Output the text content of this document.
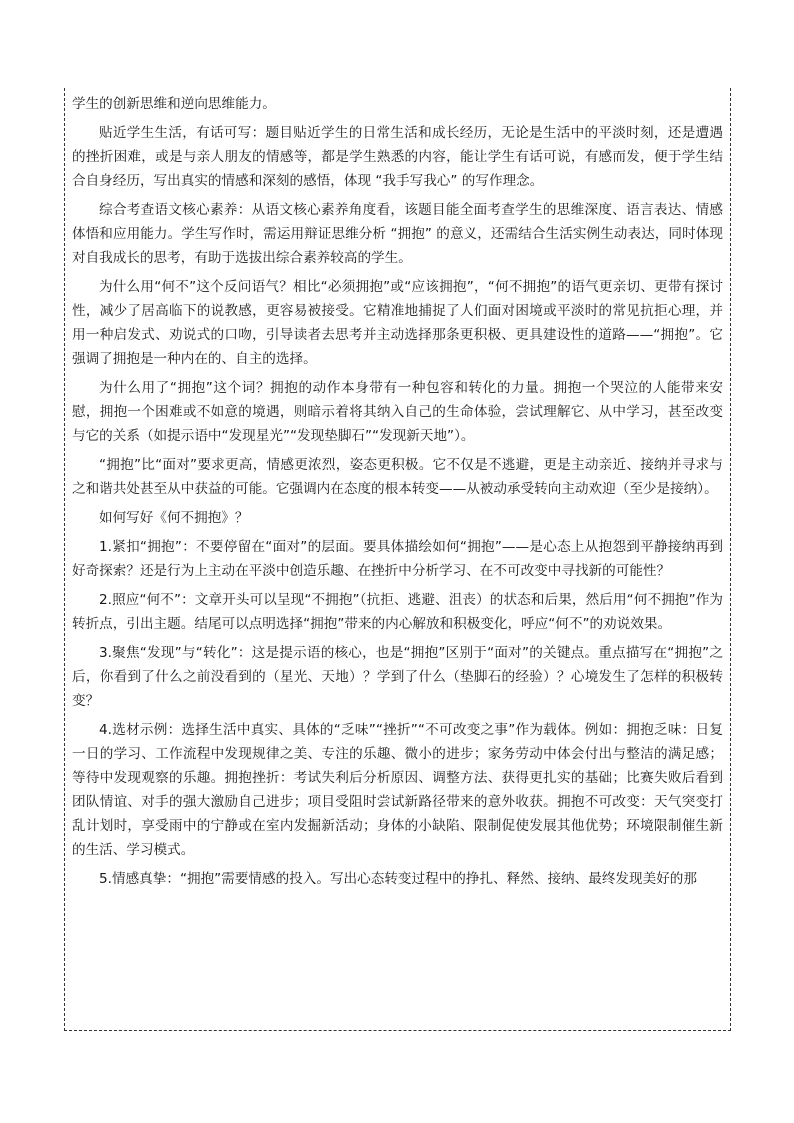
学生的创新思维和逆向思维能力。

贴近学生生活，有话可写：题目贴近学生的日常生活和成长经历，无论是生活中的平淡时刻，还是遭遇的挫折困难，或是与亲人朋友的情感等，都是学生熟悉的内容，能让学生有话可说，有感而发，便于学生结合自身经历，写出真实的情感和深刻的感悟，体现 “我手写我心” 的写作理念。

综合考查语文核心素养：从语文核心素养角度看，该题目能全面考查学生的思维深度、语言表达、情感体悟和应用能力。学生写作时，需运用辩证思维分析 “拥抱” 的意义，还需结合生活实例生动表达，同时体现对自我成长的思考，有助于选拔出综合素养较高的学生。

为什么用“何不”这个反问语气？相比“必须拥抱”或“应该拥抱”，“何不拥抱”的语气更亲切、更带有探讨性，减少了居高临下的说教感，更容易被接受。它精准地捕捉了人们面对困境或平淡时的常见抗拒心理，并用一种启发式、劝说式的口吻，引导读者去思考并主动选择那条更积极、更具建设性的道路——“拥抱”。它强调了拥抱是一种内在的、自主的选择。

为什么用了“拥抱”这个词？拥抱的动作本身带有一种包容和转化的力量。拥抱一个哭泣的人能带来安慰，拥抱一个困难或不如意的境遇，则暗示着将其纳入自己的生命体验，尝试理解它、从中学习，甚至改变与它的关系（如提示语中“发现星光”“发现垫脚石”“发现新天地”）。

“拥抱”比“面对”要求更高，情感更浓烈，姿态更积极。它不仅是不逃避，更是主动亲近、接纳并寻求与之和谐共处甚至从中获益的可能。它强调内在态度的根本转变——从被动承受转向主动欢迎（至少是接纳）。

如何写好《何不拥抱》？

1.紧扣“拥抱”：不要停留在“面对”的层面。要具体描绘如何“拥抱”——是心态上从抱怨到平静接纳再到好奇探索？还是行为上主动在平淡中创造乐趣、在挫折中分析学习、在不可改变中寻找新的可能性？

2.照应“何不”：文章开头可以呈现“不拥抱”（抗拒、逃避、沮丧）的状态和后果，然后用“何不拥抱”作为转折点，引出主题。结尾可以点明选择“拥抱”带来的内心解放和积极变化，呼应“何不”的劝说效果。

3.聚焦“发现”与“转化”：这是提示语的核心，也是“拥抱”区别于“面对”的关键点。重点描写在“拥抱”之后，你看到了什么之前没看到的（星光、天地）？学到了什么（垫脚石的经验）？心境发生了怎样的积极转变？

4.选材示例：选择生活中真实、具体的“乏味”“挫折”“不可改变之事”作为载体。例如：拥抱乏味：日复一日的学习、工作流程中发现规律之美、专注的乐趣、微小的进步；家务劳动中体会付出与整洁的满足感；等待中发现观察的乐趣。拥抱挫折：考试失利后分析原因、调整方法、获得更扎实的基础；比赛失败后看到团队情谊、对手的强大激励自己进步；项目受阻时尝试新路径带来的意外收获。拥抱不可改变：天气突变打乱计划时，享受雨中的宁静或在室内发掘新活动；身体的小缺陷、限制促使发展其他优势；环境限制催生新的生活、学习模式。

5.情感真挚：“拥抱”需要情感的投入。写出心态转变过程中的挣扎、释然、接纳、最终发现美好的那
